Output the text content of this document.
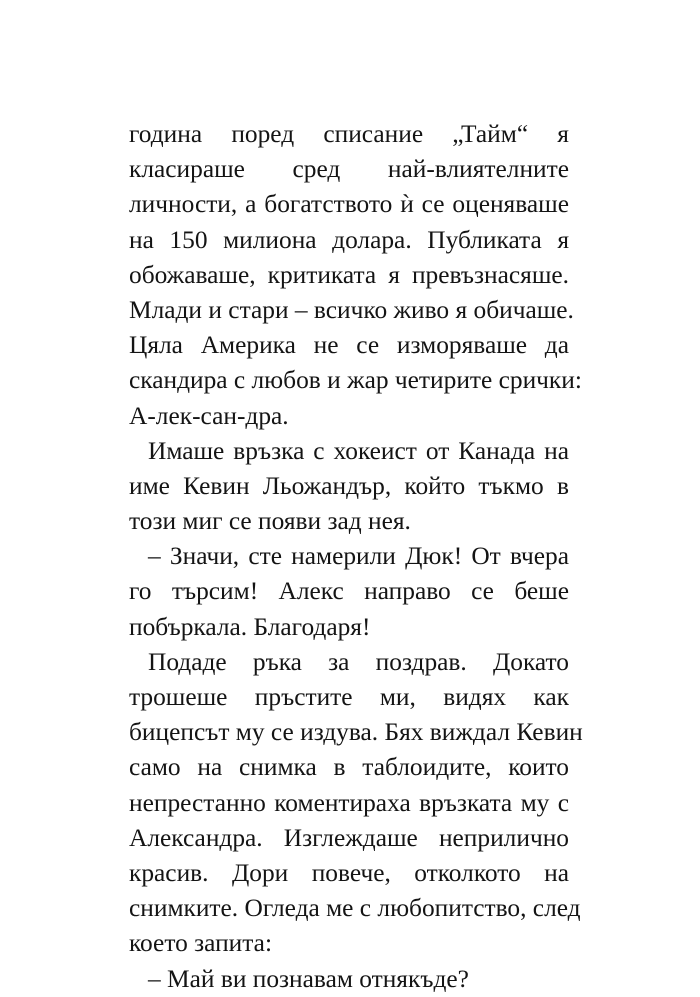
година поред списание „Тайм“ я
класираше сред най-влиятелните
личности, а богатството ѝ се оценяваше
на 150 милиона долара. Публиката я
обожаваше, критиката я превъзнасяше.
Млади и стари – всичко живо я обичаше.
Цяла Америка не се изморяваше да
скандира с любов и жар четирите срички:
А-лек-сан-дра.
Имаше връзка с хокеист от Канада на
име Кевин Льожандър, който тъкмо в
този миг се появи зад нея.
– Значи, сте намерили Дюк! От вчера
го търсим! Алекс направо се беше
побъркала. Благодаря!
Подаде ръка за поздрав. Докато
трошеше пръстите ми, видях как
бицепсът му се издува. Бях виждал Кевин
само на снимка в таблоидите, които
непрестанно коментираха връзката му с
Александра. Изглеждаше неприлично
красив. Дори повече, отколкото на
снимките. Огледа ме с любопитство, след
което запита:
– Май ви познавам отнякъде?
